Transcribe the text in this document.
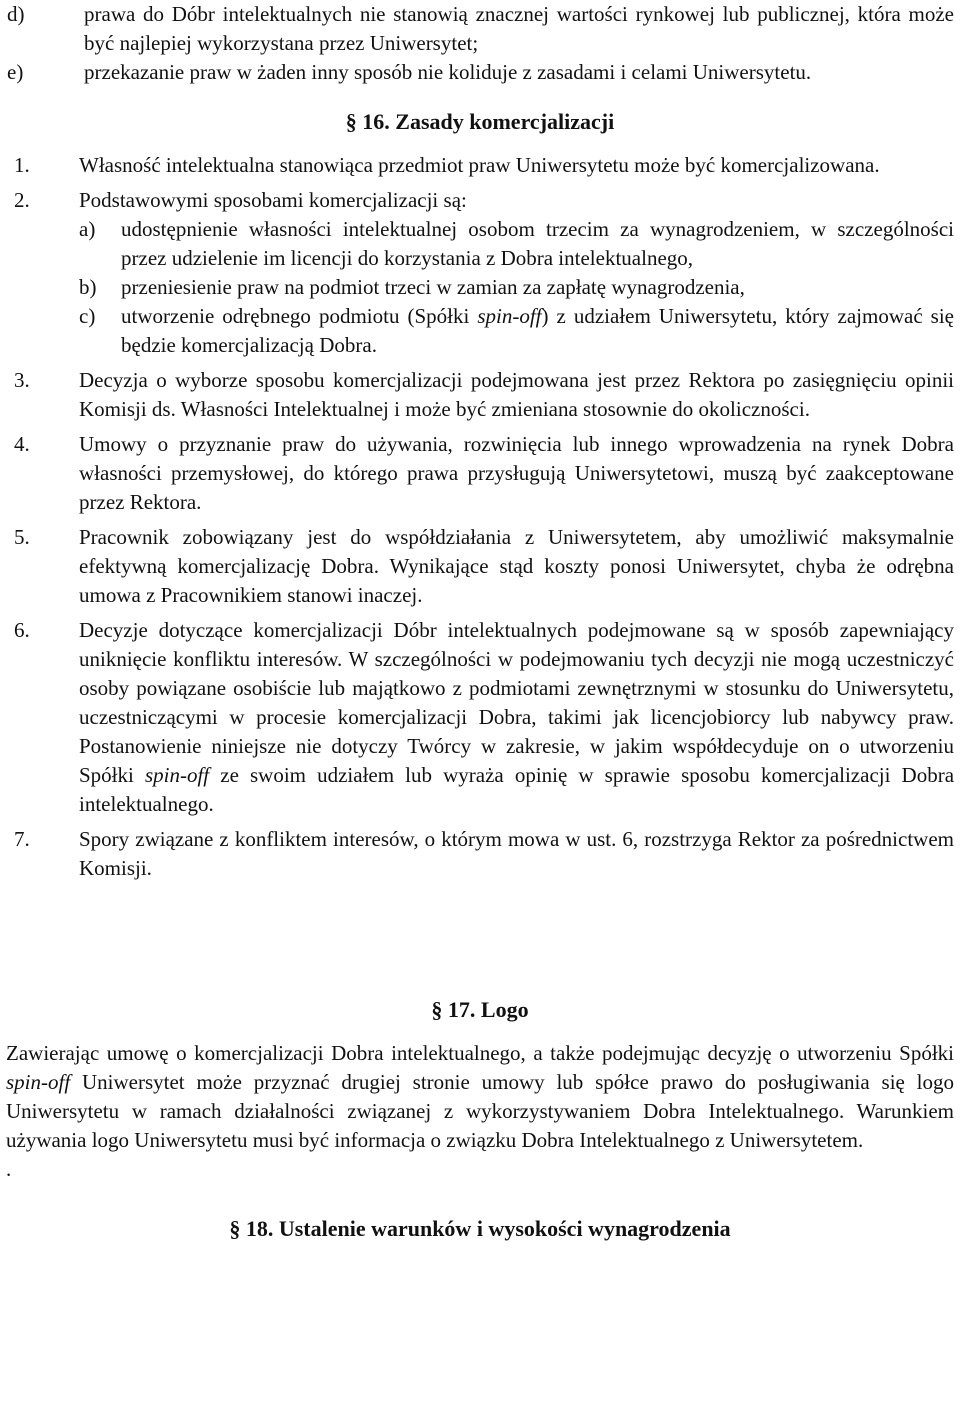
d)	prawa do Dóbr intelektualnych nie stanowią znacznej wartości rynkowej lub publicznej, która może być najlepiej wykorzystana przez Uniwersytet;

e)	przekazanie praw w żaden inny sposób nie koliduje z zasadami i celami Uniwersytetu.

§ 16. Zasady komercjalizacji

1. Własność intelektualna stanowiąca przedmiot praw Uniwersytetu może być komercjalizowana.

2. Podstawowymi sposobami komercjalizacji są:

a) udostępnienie własności intelektualnej osobom trzecim za wynagrodzeniem, w szczególności przez udzielenie im licencji do korzystania z Dobra intelektualnego,

b) przeniesienie praw na podmiot trzeci w zamian za zapłatę wynagrodzenia,

c) utworzenie odrębnego podmiotu (Spółki spin-off) z udziałem Uniwersytetu, który zajmować się będzie komercjalizacją Dobra.

3. Decyzja o wyborze sposobu komercjalizacji podejmowana jest przez Rektora po zasięgnięciu opinii Komisji ds. Własności Intelektualnej i może być zmieniana stosownie do okoliczności.

4. Umowy o przyznanie praw do używania, rozwinięcia lub innego wprowadzenia na rynek Dobra własności przemysłowej, do którego prawa przysługują Uniwersytetowi, muszą być zaakceptowane przez Rektora.

5. Pracownik zobowiązany jest do współdziałania z Uniwersytetem, aby umożliwić maksymalnie efektywną komercjalizację Dobra. Wynikające stąd koszty ponosi Uniwersytet, chyba że odrębna umowa z Pracownikiem stanowi inaczej.

6. Decyzje dotyczące komercjalizacji Dóbr intelektualnych podejmowane są w sposób zapewniający uniknięcie konfliktu interesów. W szczególności w podejmowaniu tych decyzji nie mogą uczestniczyć osoby powiązane osobiście lub majątkowo z podmiotami zewnętrznymi w stosunku do Uniwersytetu, uczestniczącymi w procesie komercjalizacji Dobra, takimi jak licencjobiorcy lub nabywcy praw. Postanowienie niniejsze nie dotyczy Twórcy w zakresie, w jakim współdecyduje on o utworzeniu Spółki spin-off ze swoim udziałem lub wyraża opinię w sprawie sposobu komercjalizacji Dobra intelektualnego.

7. Spory związane z konfliktem interesów, o którym mowa w ust. 6, rozstrzyga Rektor za pośrednictwem Komisji.

§ 17. Logo

Zawierając umowę o komercjalizacji Dobra intelektualnego, a także podejmując decyzję o utworzeniu Spółki spin-off Uniwersytet może przyznać drugiej stronie umowy lub spółce prawo do posługiwania się logo Uniwersytetu w ramach działalności związanej z wykorzystywaniem Dobra Intelektualnego. Warunkiem używania logo Uniwersytetu musi być informacja o związku Dobra Intelektualnego z Uniwersytetem.

.

§ 18. Ustalenie warunków i wysokości wynagrodzenia
